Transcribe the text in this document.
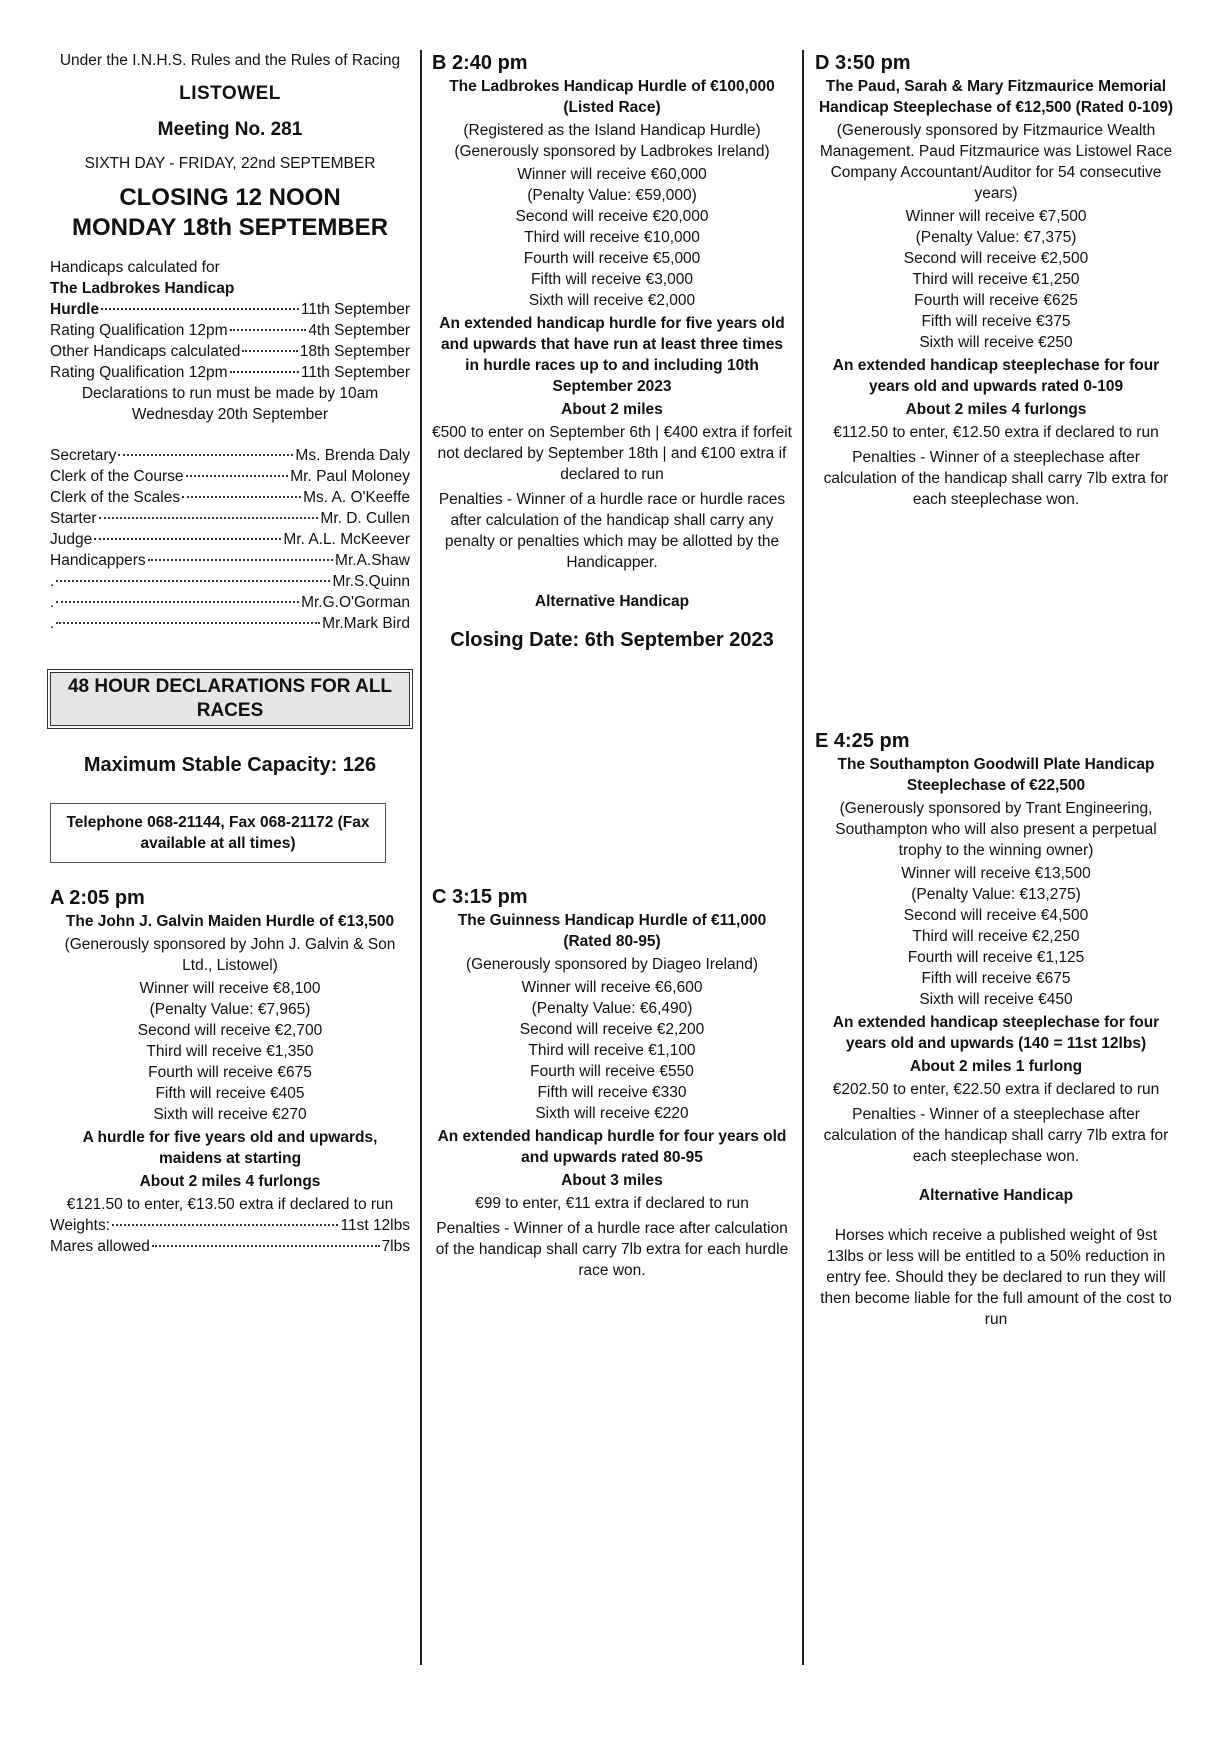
Under the I.N.H.S. Rules and the Rules of Racing

LISTOWEL

Meeting No. 281

SIXTH DAY - FRIDAY, 22nd SEPTEMBER

CLOSING 12 NOON

MONDAY 18th SEPTEMBER

Handicaps calculated for

The Ladbrokes Handicap

Hurdle	11th September
Rating Qualification 12pm	4th September
Other Handicaps calculated	18th September
Rating Qualification 12pm	11th September

Declarations to run must be made by 10am Wednesday 20th September

Secretary	Ms. Brenda Daly
Clerk of the Course	Mr. Paul Moloney
Clerk of the Scales	Ms. A. O'Keeffe
Starter	Mr. D. Cullen
Judge	Mr. A.L. McKeever
Handicappers	Mr.A.Shaw
.	Mr.S.Quinn
.	Mr.G.O'Gorman
.	Mr.Mark Bird
48 HOUR DECLARATIONS FOR ALL RACES

Maximum Stable Capacity: 126

Telephone 068-21144, Fax 068-21172 (Fax available at all times)

A 2:05 pm

The John J. Galvin Maiden Hurdle of €13,500

(Generously sponsored by John J. Galvin & Son Ltd., Listowel)

Winner will receive €8,100
(Penalty Value: €7,965)
Second will receive €2,700
Third will receive €1,350
Fourth will receive €675
Fifth will receive €405
Sixth will receive €270

A hurdle for five years old and upwards, maidens at starting

About 2 miles 4 furlongs

€121.50 to enter, €13.50 extra if declared to run

Weights:	11st 12lbs
Mares allowed	7lbs

B 2:40 pm

The Ladbrokes Handicap Hurdle of €100,000 (Listed Race)

(Registered as the Island Handicap Hurdle) (Generously sponsored by Ladbrokes Ireland)

Winner will receive €60,000
(Penalty Value: €59,000)
Second will receive €20,000
Third will receive €10,000
Fourth will receive €5,000
Fifth will receive €3,000
Sixth will receive €2,000

An extended handicap hurdle for five years old and upwards that have run at least three times in hurdle races up to and including 10th September 2023

About 2 miles

€500 to enter on September 6th | €400 extra if forfeit not declared by September 18th | and €100 extra if declared to run

Penalties - Winner of a hurdle race or hurdle races after calculation of the handicap shall carry any penalty or penalties which may be allotted by the Handicapper.

Alternative Handicap

Closing Date: 6th September 2023

C 3:15 pm

The Guinness Handicap Hurdle of €11,000 (Rated 80-95)

(Generously sponsored by Diageo Ireland)

Winner will receive €6,600
(Penalty Value: €6,490)
Second will receive €2,200
Third will receive €1,100
Fourth will receive €550
Fifth will receive €330
Sixth will receive €220

An extended handicap hurdle for four years old and upwards rated 80-95

About 3 miles

€99 to enter, €11 extra if declared to run

Penalties - Winner of a hurdle race after calculation of the handicap shall carry 7lb extra for each hurdle race won.

D 3:50 pm

The Paud, Sarah & Mary Fitzmaurice Memorial Handicap Steeplechase of €12,500 (Rated 0-109)

(Generously sponsored by Fitzmaurice Wealth Management. Paud Fitzmaurice was Listowel Race Company Accountant/Auditor for 54 consecutive years)

Winner will receive €7,500
(Penalty Value: €7,375)
Second will receive €2,500
Third will receive €1,250
Fourth will receive €625
Fifth will receive €375
Sixth will receive €250

An extended handicap steeplechase for four years old and upwards rated 0-109

About 2 miles 4 furlongs

€112.50 to enter, €12.50 extra if declared to run

Penalties - Winner of a steeplechase after calculation of the handicap shall carry 7lb extra for each steeplechase won.

E 4:25 pm

The Southampton Goodwill Plate Handicap Steeplechase of €22,500

(Generously sponsored by Trant Engineering, Southampton who will also present a perpetual trophy to the winning owner)

Winner will receive €13,500
(Penalty Value: €13,275)
Second will receive €4,500
Third will receive €2,250
Fourth will receive €1,125
Fifth will receive €675
Sixth will receive €450

An extended handicap steeplechase for four years old and upwards (140 = 11st 12lbs)

About 2 miles 1 furlong

€202.50 to enter, €22.50 extra if declared to run

Penalties - Winner of a steeplechase after calculation of the handicap shall carry 7lb extra for each steeplechase won.

Alternative Handicap

Horses which receive a published weight of 9st 13lbs or less will be entitled to a 50% reduction in entry fee. Should they be declared to run they will then become liable for the full amount of the cost to run
